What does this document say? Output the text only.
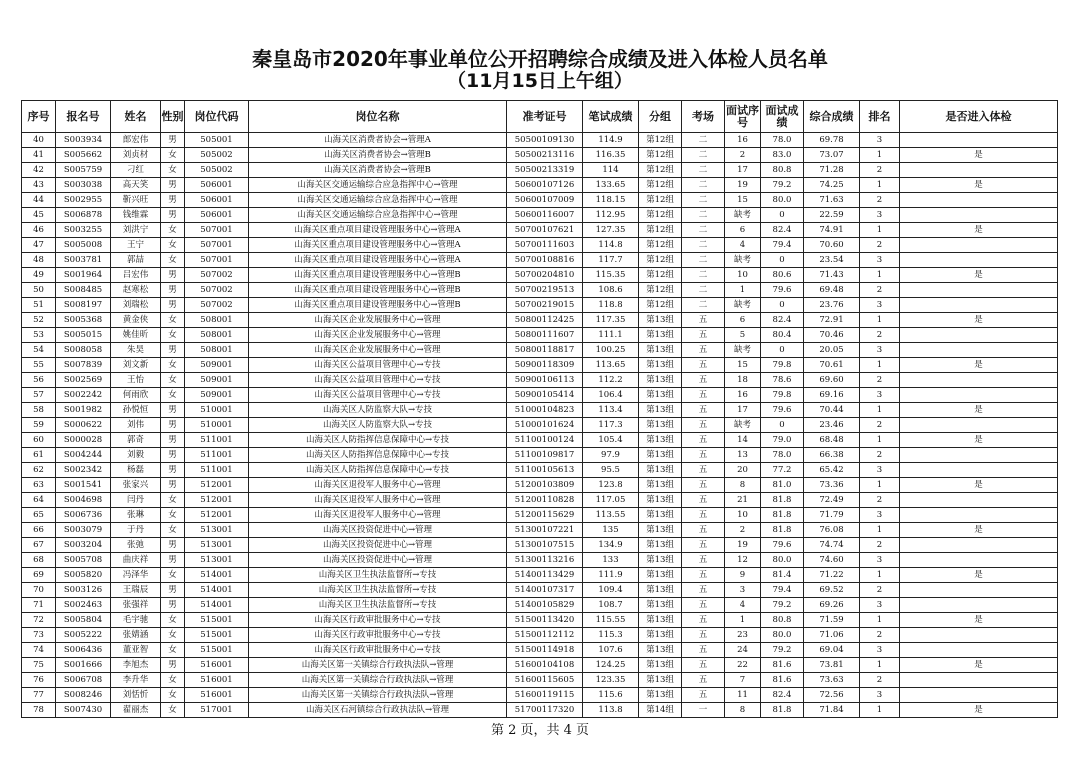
秦皇岛市2020年事业单位公开招聘综合成绩及进入体检人员名单
（11月15日上午组）
序号	报名号	姓名	性别	岗位代码	岗位名称	准考证号	笔试成绩	分组	考场	面试序号	面试成绩	综合成绩	排名	是否进入体检
40	S003934	郎宏伟	男	505001	山海关区消费者协会→管理A	50500109130	114.9	第12组	二	16	78.0	69.78	3	
41	S005662	刘贞材	女	505002	山海关区消费者协会→管理B	50500213116	116.35	第12组	二	2	83.0	73.07	1	是
42	S005759	刁红	女	505002	山海关区消费者协会→管理B	50500213319	114	第12组	二	17	80.8	71.28	2	
43	S003038	高天笑	男	506001	山海关区交通运输综合应急指挥中心→管理	50600107126	133.65	第12组	二	19	79.2	74.25	1	是
44	S002955	靳兴旺	男	506001	山海关区交通运输综合应急指挥中心→管理	50600107009	118.15	第12组	二	15	80.0	71.63	2	
45	S006878	钱维霖	男	506001	山海关区交通运输综合应急指挥中心→管理	50600116007	112.95	第12组	二	缺考	0	22.59	3	
46	S003255	刘洪宁	女	507001	山海关区重点项目建设管理服务中心→管理A	50700107621	127.35	第12组	二	6	82.4	74.91	1	是
47	S005008	王宁	女	507001	山海关区重点项目建设管理服务中心→管理A	50700111603	114.8	第12组	二	4	79.4	70.60	2	
48	S003781	郭喆	女	507001	山海关区重点项目建设管理服务中心→管理A	50700108816	117.7	第12组	二	缺考	0	23.54	3	
49	S001964	吕宏伟	男	507002	山海关区重点项目建设管理服务中心→管理B	50700204810	115.35	第12组	二	10	80.6	71.43	1	是
50	S008485	赵寒松	男	507002	山海关区重点项目建设管理服务中心→管理B	50700219513	108.6	第12组	二	1	79.6	69.48	2	
51	S008197	刘瑞松	男	507002	山海关区重点项目建设管理服务中心→管理B	50700219015	118.8	第12组	二	缺考	0	23.76	3	
52	S005368	黄金侠	女	508001	山海关区企业发展服务中心→管理	50800112425	117.35	第13组	五	6	82.4	72.91	1	是
53	S005015	姚佳昕	女	508001	山海关区企业发展服务中心→管理	50800111607	111.1	第13组	五	5	80.4	70.46	2	
54	S008058	朱昊	男	508001	山海关区企业发展服务中心→管理	50800118817	100.25	第13组	五	缺考	0	20.05	3	
55	S007839	刘文新	女	509001	山海关区公益项目管理中心→专技	50900118309	113.65	第13组	五	15	79.8	70.61	1	是
56	S002569	王怡	女	509001	山海关区公益项目管理中心→专技	50900106113	112.2	第13组	五	18	78.6	69.60	2	
57	S002242	何雨欣	女	509001	山海关区公益项目管理中心→专技	50900105414	106.4	第13组	五	16	79.8	69.16	3	
58	S001982	孙悦恒	男	510001	山海关区人防监察大队→专技	51000104823	113.4	第13组	五	17	79.6	70.44	1	是
59	S000622	刘伟	男	510001	山海关区人防监察大队→专技	51000101624	117.3	第13组	五	缺考	0	23.46	2	
60	S000028	郭奇	男	511001	山海关区人防指挥信息保障中心→专技	51100100124	105.4	第13组	五	14	79.0	68.48	1	是
61	S004244	刘毅	男	511001	山海关区人防指挥信息保障中心→专技	51100109817	97.9	第13组	五	13	78.0	66.38	2	
62	S002342	杨磊	男	511001	山海关区人防指挥信息保障中心→专技	51100105613	95.5	第13组	五	20	77.2	65.42	3	
63	S001541	张家兴	男	512001	山海关区退役军人服务中心→管理	51200103809	123.8	第13组	五	8	81.0	73.36	1	是
64	S004698	闫丹	女	512001	山海关区退役军人服务中心→管理	51200110828	117.05	第13组	五	21	81.8	72.49	2	
65	S006736	张琳	女	512001	山海关区退役军人服务中心→管理	51200115629	113.55	第13组	五	10	81.8	71.79	3	
66	S003079	于丹	女	513001	山海关区投资促进中心→管理	51300107221	135	第13组	五	2	81.8	76.08	1	是
67	S003204	张弛	男	513001	山海关区投资促进中心→管理	51300107515	134.9	第13组	五	19	79.6	74.74	2	
68	S005708	曲庆祥	男	513001	山海关区投资促进中心→管理	51300113216	133	第13组	五	12	80.0	74.60	3	
69	S005820	冯泽华	女	514001	山海关区卫生执法监督所→专技	51400113429	111.9	第13组	五	9	81.4	71.22	1	是
70	S003126	王瑞辰	男	514001	山海关区卫生执法监督所→专技	51400107317	109.4	第13组	五	3	79.4	69.52	2	
71	S002463	张强祥	男	514001	山海关区卫生执法监督所→专技	51400105829	108.7	第13组	五	4	79.2	69.26	3	
72	S005804	毛宇驰	女	515001	山海关区行政审批服务中心→专技	51500113420	115.55	第13组	五	1	80.8	71.59	1	是
73	S005222	张婧涵	女	515001	山海关区行政审批服务中心→专技	51500112112	115.3	第13组	五	23	80.0	71.06	2	
74	S006436	董亚智	女	515001	山海关区行政审批服务中心→专技	51500114918	107.6	第13组	五	24	79.2	69.04	3	
75	S001666	李旭杰	男	516001	山海关区第一关镇综合行政执法队→管理	51600104108	124.25	第13组	五	22	81.6	73.81	1	是
76	S006708	李升华	女	516001	山海关区第一关镇综合行政执法队→管理	51600115605	123.35	第13组	五	7	81.6	73.63	2	
77	S008246	刘恬忻	女	516001	山海关区第一关镇综合行政执法队→管理	51600119115	115.6	第13组	五	11	82.4	72.56	3	
78	S007430	翟丽杰	女	517001	山海关区石河镇综合行政执法队→管理	51700117320	113.8	第14组	一	8	81.8	71.84	1	是
第 2 页，共 4 页
